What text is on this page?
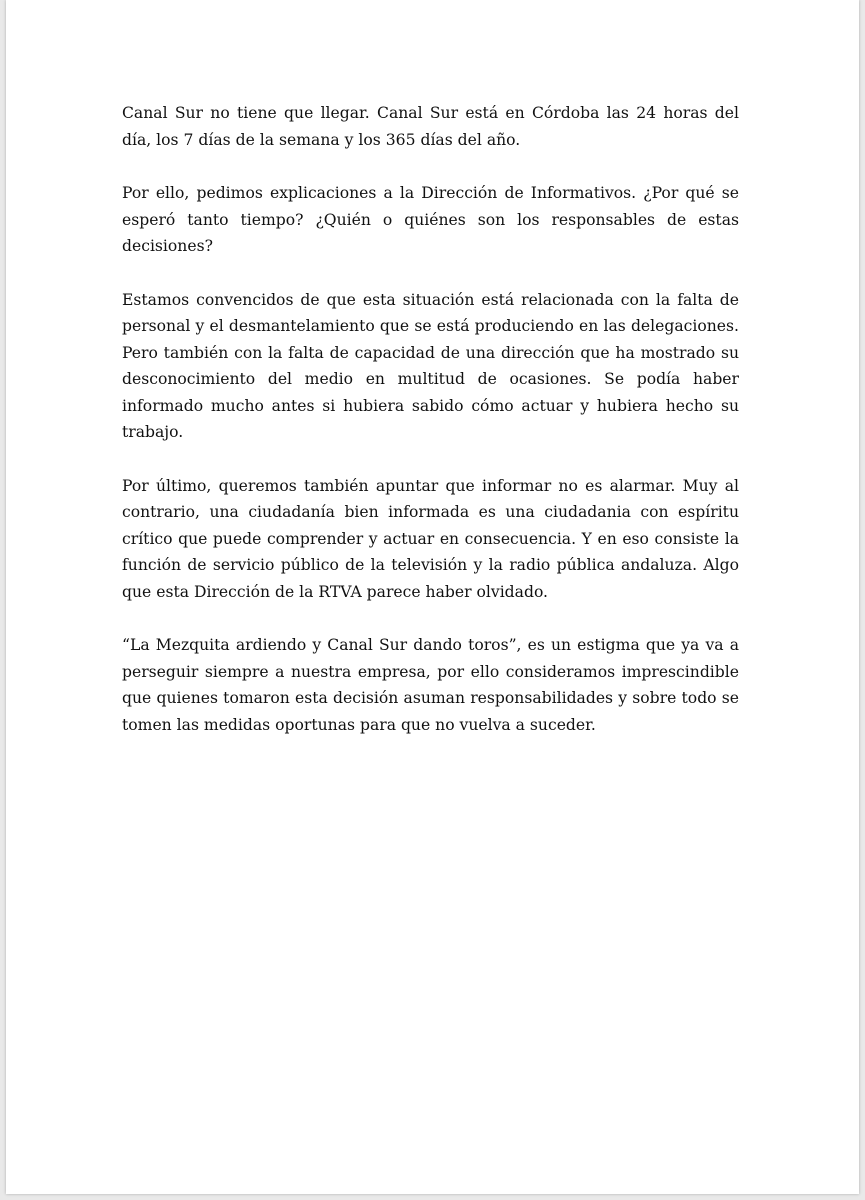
Canal Sur no tiene que llegar. Canal Sur está en Córdoba las 24 horas del día, los 7 días de la semana y los 365 días del año.

Por ello, pedimos explicaciones a la Dirección de Informativos. ¿Por qué se esperó tanto tiempo? ¿Quién o quiénes son los responsables de estas decisiones?

Estamos convencidos de que esta situación está relacionada con la falta de personal y el desmantelamiento que se está produciendo en las delegaciones. Pero también con la falta de capacidad de una dirección que ha mostrado su desconocimiento del medio en multitud de ocasiones. Se podía haber informado mucho antes si hubiera sabido cómo actuar y hubiera hecho su trabajo.

Por último, queremos también apuntar que informar no es alarmar. Muy al contrario, una ciudadanía bien informada es una ciudadania con espíritu crítico que puede comprender y actuar en consecuencia. Y en eso consiste la función de servicio público de la televisión y la radio pública andaluza. Algo que esta Dirección de la RTVA parece haber olvidado.

“La Mezquita ardiendo y Canal Sur dando toros”, es un estigma que ya va a perseguir siempre a nuestra empresa, por ello consideramos imprescindible que quienes tomaron esta decisión asuman responsabilidades y sobre todo se tomen las medidas oportunas para que no vuelva a suceder.
